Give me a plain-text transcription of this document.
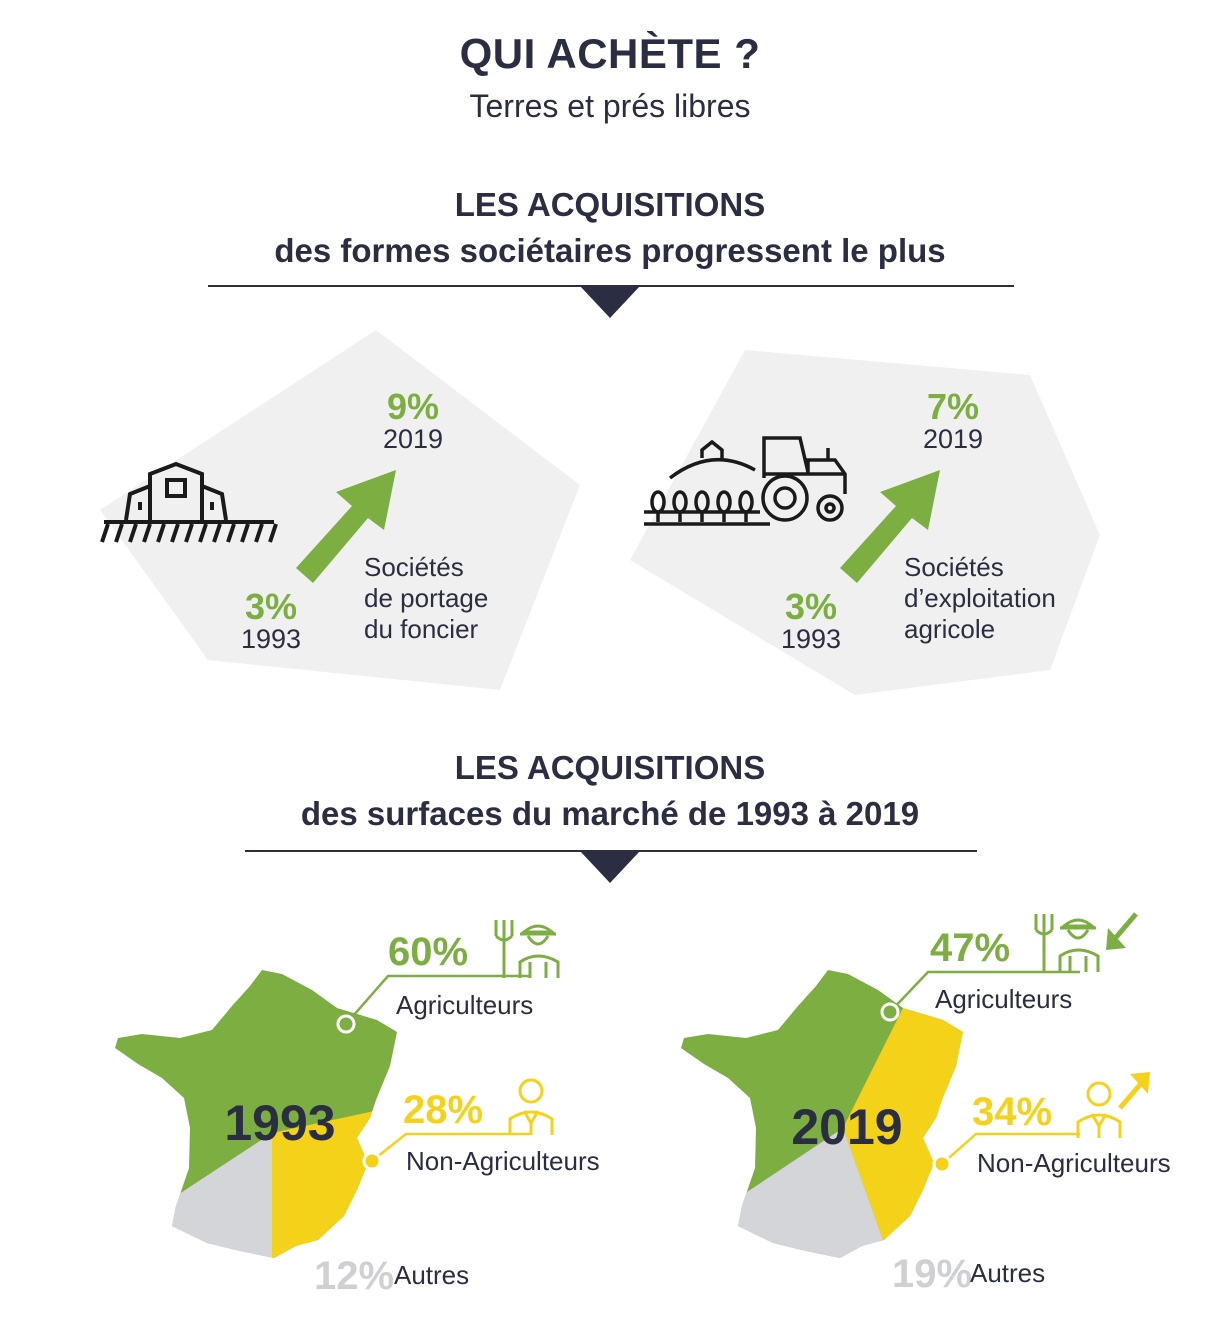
QUI ACHÈTE ?
Terres et prés libres
LES ACQUISITIONS
des formes sociétaires progressent le plus
9%
2019
3%
1993
Sociétés
de portage
du foncier
7%
2019
3%
1993
Sociétés
d’exploitation
agricole
LES ACQUISITIONS
des surfaces du marché de 1993 à 2019
1993
60%
Agriculteurs
28%
Non-Agriculteurs
12% Autres
2019
47%
Agriculteurs
34%
Non-Agriculteurs
19%
Autres
